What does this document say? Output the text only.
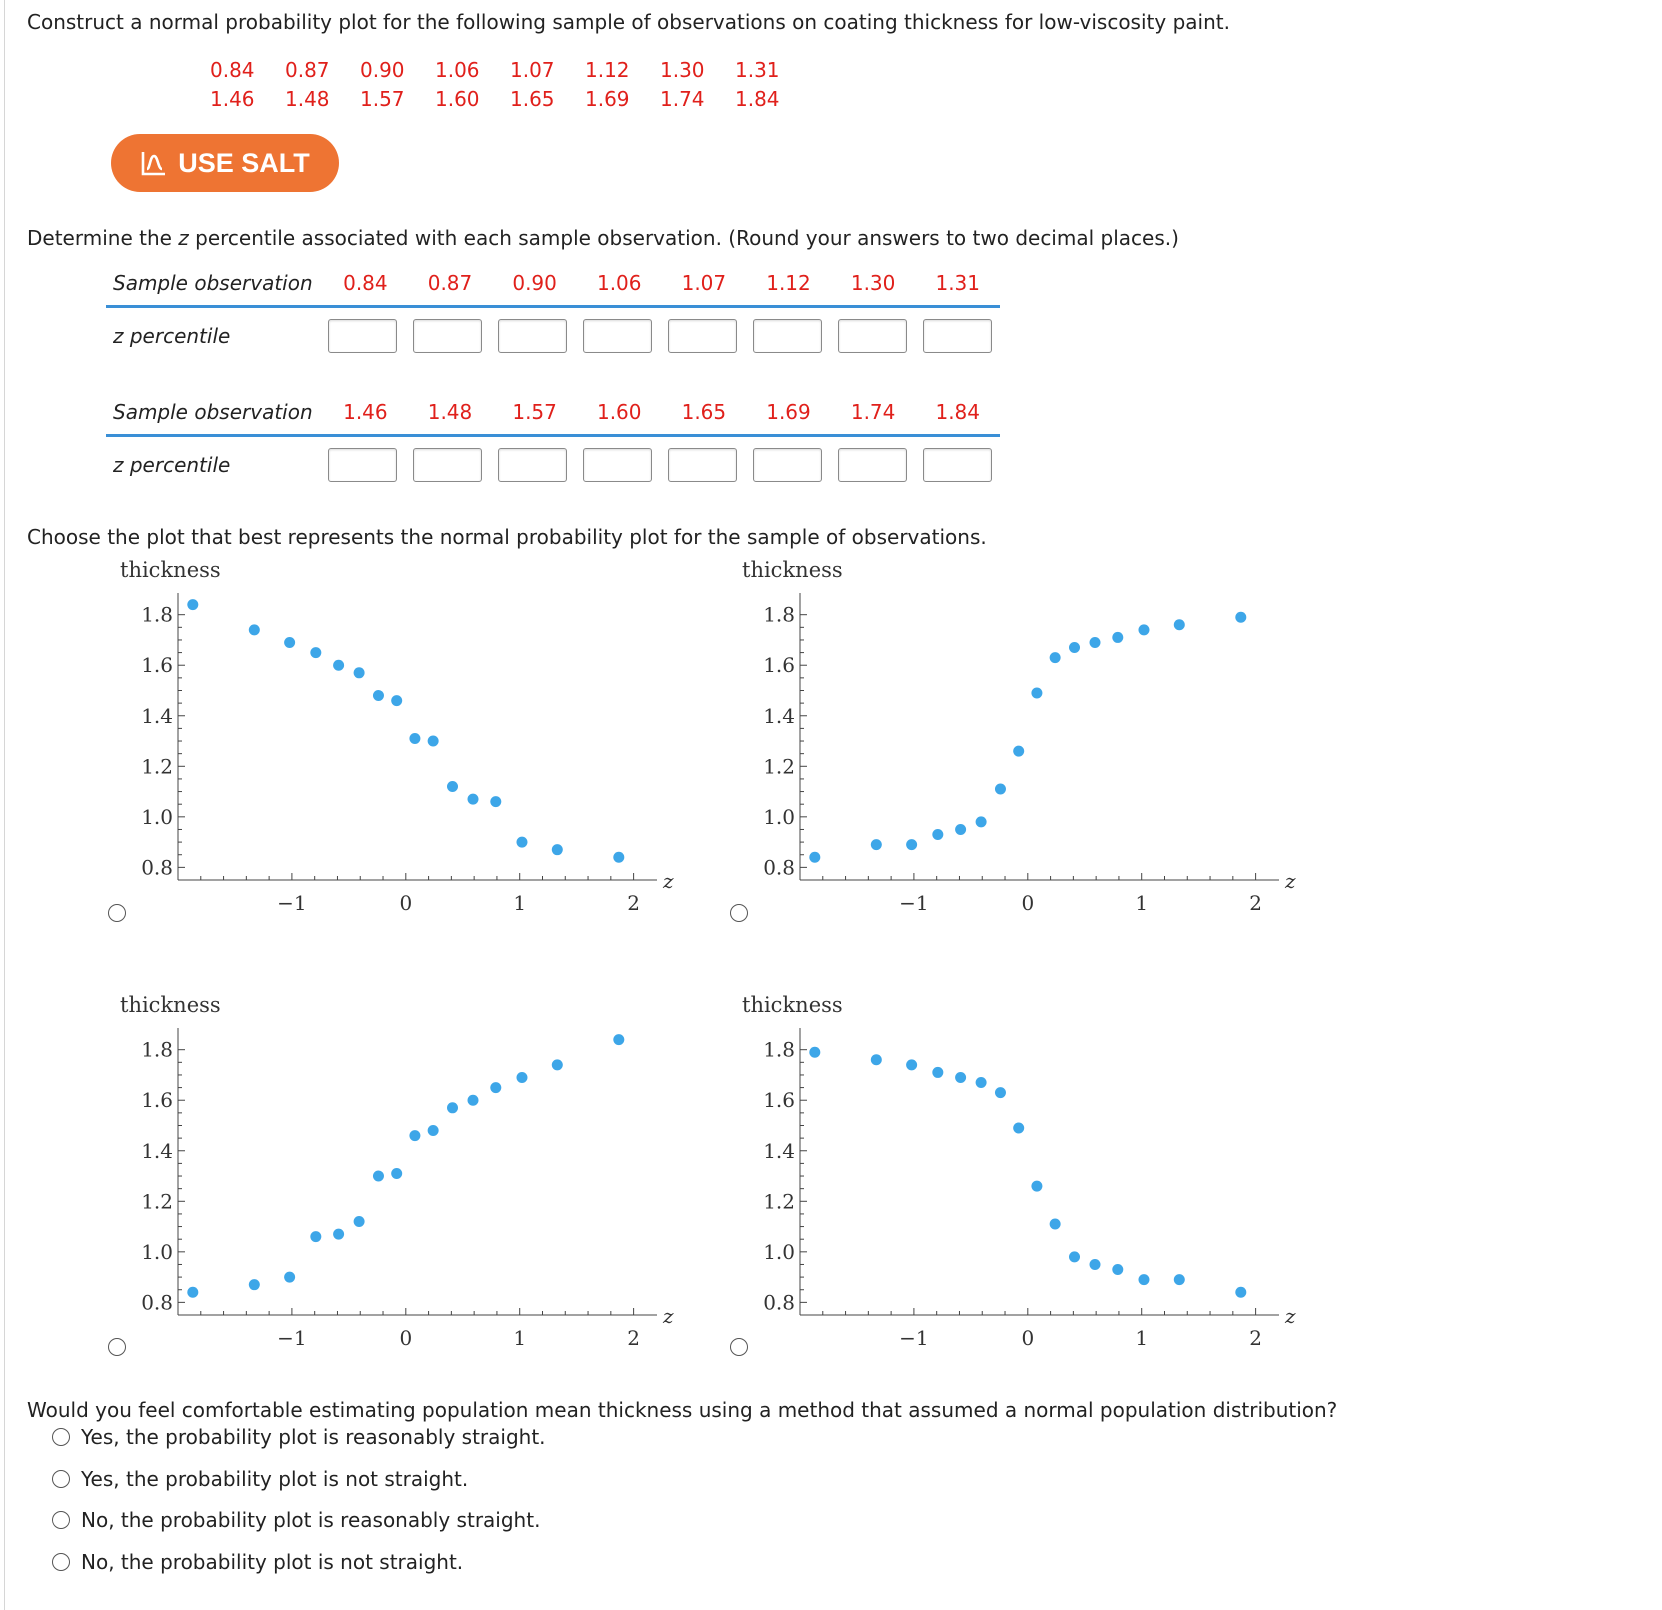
Construct a normal probability plot for the following sample of observations on coating thickness for low-viscosity paint.
0.84	0.87	0.90	1.06	1.07	1.12	1.30	1.31
1.46	1.48	1.57	1.60	1.65	1.69	1.74	1.84
USE SALT
Determine the z percentile associated with each sample observation. (Round your answers to two decimal places.)
Sample observation	0.84	0.87	0.90	1.06	1.07	1.12	1.30	1.31
z percentile
Sample observation	1.46	1.48	1.57	1.60	1.65	1.69	1.74	1.84
z percentile
Choose the plot that best represents the normal probability plot for the sample of observations.
thickness
−1	0	1	2
0.8
1.0
1.2
1.4
1.6
1.8
z
thickness
−1	0	1	2
0.8
1.0
1.2
1.4
1.6
1.8
z
thickness
−1	0	1	2
0.8
1.0
1.2
1.4
1.6
1.8
z
thickness
−1	0	1	2
0.8
1.0
1.2
1.4
1.6
1.8
z
Would you feel comfortable estimating population mean thickness using a method that assumed a normal population distribution?
Yes, the probability plot is reasonably straight.
Yes, the probability plot is not straight.
No, the probability plot is reasonably straight.
No, the probability plot is not straight.
